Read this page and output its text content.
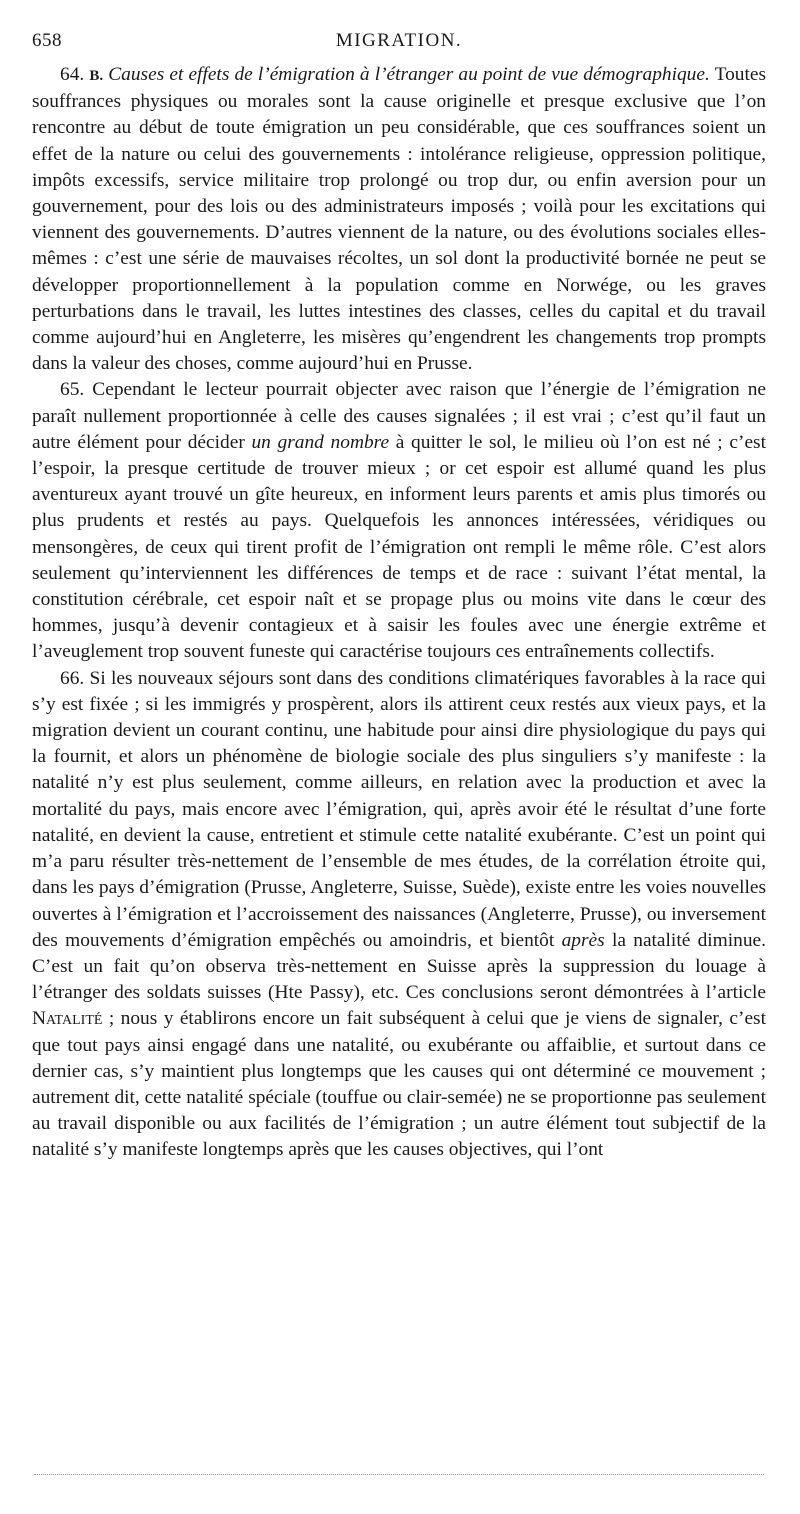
658	MIGRATION.

64. B. Causes et effets de l’émigration à l’étranger au point de vue démographique. Toutes souffrances physiques ou morales sont la cause originelle et presque exclusive que l’on rencontre au début de toute émigration un peu considérable, que ces souffrances soient un effet de la nature ou celui des gouvernements : intolérance religieuse, oppression politique, impôts excessifs, service militaire trop prolongé ou trop dur, ou enfin aversion pour un gouvernement, pour des lois ou des administrateurs imposés ; voilà pour les excitations qui viennent des gouvernements. D’autres viennent de la nature, ou des évolutions sociales elles-mêmes : c’est une série de mauvaises récoltes, un sol dont la productivité bornée ne peut se développer proportionnellement à la population comme en Norwége, ou les graves perturbations dans le travail, les luttes intestines des classes, celles du capital et du travail comme aujourd’hui en Angleterre, les misères qu’engendrent les changements trop prompts dans la valeur des choses, comme aujourd’hui en Prusse.

65. Cependant le lecteur pourrait objecter avec raison que l’énergie de l’émigration ne paraît nullement proportionnée à celle des causes signalées ; il est vrai ; c’est qu’il faut un autre élément pour décider un grand nombre à quitter le sol, le milieu où l’on est né ; c’est l’espoir, la presque certitude de trouver mieux ; or cet espoir est allumé quand les plus aventureux ayant trouvé un gîte heureux, en informent leurs parents et amis plus timorés ou plus prudents et restés au pays. Quelquefois les annonces intéressées, véridiques ou mensongères, de ceux qui tirent profit de l’émigration ont rempli le même rôle. C’est alors seulement qu’interviennent les différences de temps et de race : suivant l’état mental, la constitution cérébrale, cet espoir naît et se propage plus ou moins vite dans le cœur des hommes, jusqu’à devenir contagieux et à saisir les foules avec une énergie extrême et l’aveuglement trop souvent funeste qui caractérise toujours ces entraînements collectifs.

66. Si les nouveaux séjours sont dans des conditions climatériques favorables à la race qui s’y est fixée ; si les immigrés y prospèrent, alors ils attirent ceux restés aux vieux pays, et la migration devient un courant continu, une habitude pour ainsi dire physiologique du pays qui la fournit, et alors un phénomène de biologie sociale des plus singuliers s’y manifeste : la natalité n’y est plus seulement, comme ailleurs, en relation avec la production et avec la mortalité du pays, mais encore avec l’émigration, qui, après avoir été le résultat d’une forte natalité, en devient la cause, entretient et stimule cette natalité exubérante. C’est un point qui m’a paru résulter très-nettement de l’ensemble de mes études, de la corrélation étroite qui, dans les pays d’émigration (Prusse, Angleterre, Suisse, Suède), existe entre les voies nouvelles ouvertes à l’émigration et l’accroissement des naissances (Angleterre, Prusse), ou inversement des mouvements d’émigration empêchés ou amoindris, et bientôt après la natalité diminue. C’est un fait qu’on observa très-nettement en Suisse après la suppression du louage à l’étranger des soldats suisses (Hte Passy), etc. Ces conclusions seront démontrées à l’article Natalité ; nous y établirons encore un fait subséquent à celui que je viens de signaler, c’est que tout pays ainsi engagé dans une natalité, ou exubérante ou affaiblie, et surtout dans ce dernier cas, s’y maintient plus longtemps que les causes qui ont déterminé ce mouvement ; autrement dit, cette natalité spéciale (touffue ou clair-semée) ne se proportionne pas seulement au travail disponible ou aux facilités de l’émigration ; un autre élément tout subjectif de la natalité s’y manifeste longtemps après que les causes objectives, qui l’ont
